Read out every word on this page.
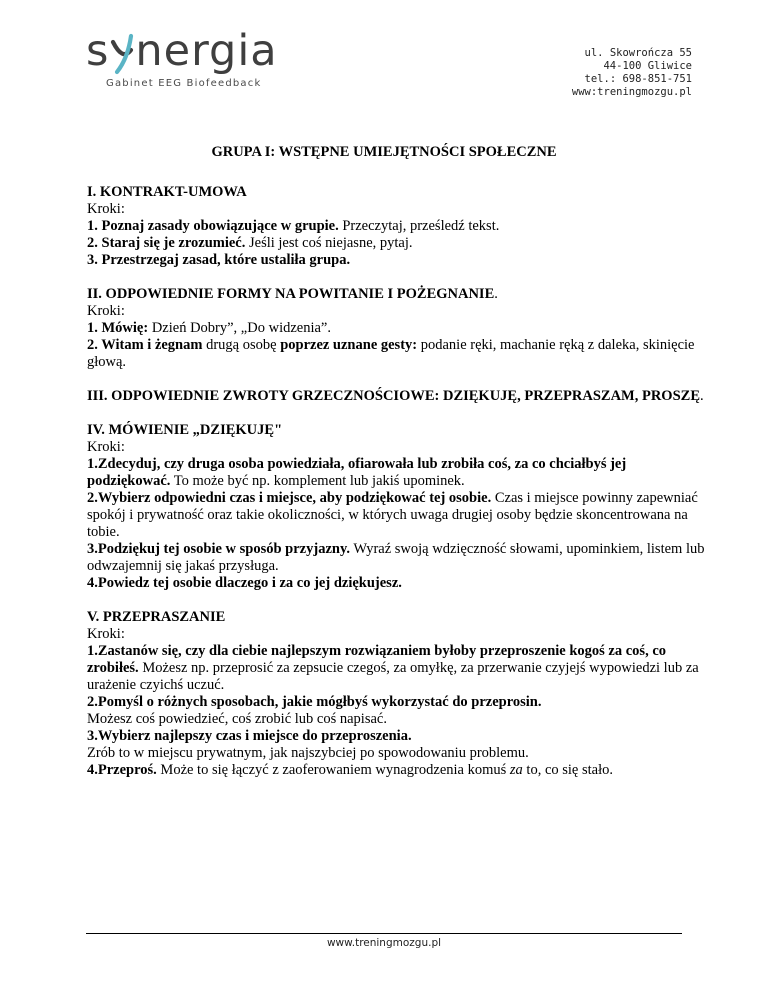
s nergia
Gabinet EEG Biofeedback
ul. Skowrończa 55
44-100 Gliwice
tel.: 698-851-751
www:treningmozgu.pl
GRUPA I: WSTĘPNE UMIEJĘTNOŚCI SPOŁECZNE

I. KONTRAKT-UMOWA

Kroki:

1. Poznaj zasady obowiązujące w grupie. Przeczytaj, prześledź tekst.

2. Staraj się je zrozumieć. Jeśli jest coś niejasne, pytaj.

3. Przestrzegaj zasad, które ustaliła grupa.

II. ODPOWIEDNIE FORMY NA POWITANIE I POŻEGNANIE.

Kroki:

1. Mówię: Dzień Dobry”, „Do widzenia”.

2. Witam i żegnam drugą osobę poprzez uznane gesty: podanie ręki, machanie ręką z daleka, skinięcie głową.

III. ODPOWIEDNIE ZWROTY GRZECZNOŚCIOWE: DZIĘKUJĘ, PRZEPRASZAM, PROSZĘ.

IV. MÓWIENIE „DZIĘKUJĘ"

Kroki:

1.Zdecyduj, czy druga osoba powiedziała, ofiarowała lub zrobiła coś, za co chciałbyś jej podziękować. To może być np. komplement lub jakiś upominek.

2.Wybierz odpowiedni czas i miejsce, aby podziękować tej osobie. Czas i miejsce powinny zapewniać spokój i prywatność oraz takie okoliczności, w których uwaga drugiej osoby będzie skoncentrowana na tobie.

3.Podziękuj tej osobie w sposób przyjazny. Wyraź swoją wdzięczność słowami, upominkiem, listem lub odwzajemnij się jakaś przysługa.

4.Powiedz tej osobie dlaczego i za co jej dziękujesz.

V. PRZEPRASZANIE

Kroki:

1.Zastanów się, czy dla ciebie najlepszym rozwiązaniem byłoby przeproszenie kogoś za coś, co zrobiłeś. Możesz np. przeprosić za zepsucie czegoś, za omyłkę, za przerwanie czyjejś wypowiedzi lub za urażenie czyichś uczuć.

2.Pomyśl o różnych sposobach, jakie mógłbyś wykorzystać do przeprosin.

Możesz coś powiedzieć, coś zrobić lub coś napisać.

3.Wybierz najlepszy czas i miejsce do przeproszenia.

Zrób to w miejscu prywatnym, jak najszybciej po spowodowaniu problemu.

4.Przeproś. Może to się łączyć z zaoferowaniem wynagrodzenia komuś za to, co się stało.

www.treningmozgu.pl
